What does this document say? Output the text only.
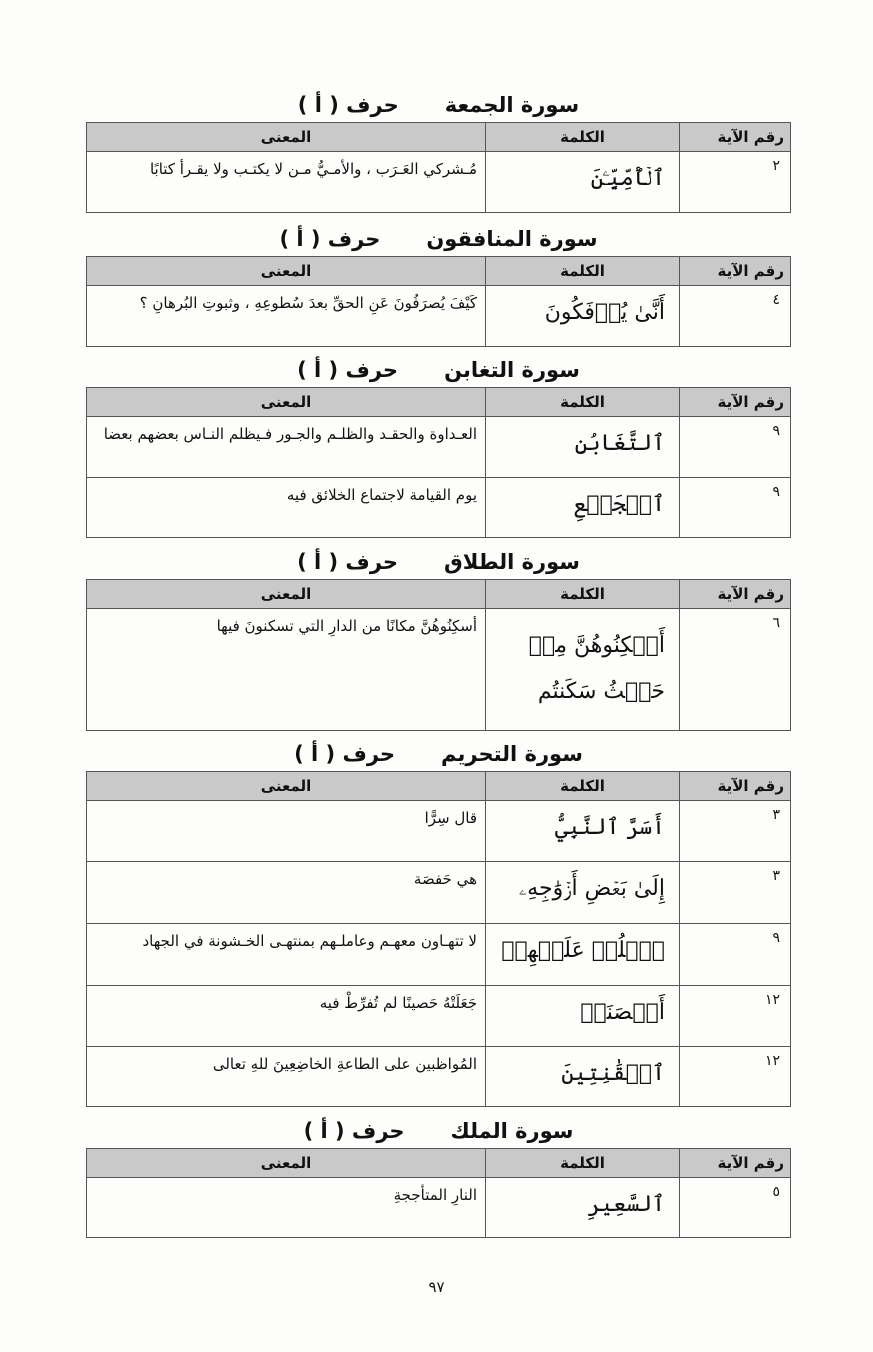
سورة الجمعة
حرف ( أ )
رقم الآية	الكلمة	المعنى
٢	ٱلۡأُمِّيِّـۧنَ	مُـشركي العَـرَب ، والأمـيُّ مـن لا يكتـب ولا يقـرأ كتابًا
سورة المنافقون
حرف ( أ )
رقم الآية	الكلمة	المعنى
٤	أَنَّىٰ يُؤۡفَكُونَ	كَيْفَ يُصرَفُونَ عَنِ الحقِّ بعدَ سُطوعِهِ ، وثبوتِ البُرهانِ ؟
سورة التغابن
حرف ( أ )
رقم الآية	الكلمة	المعنى
٩	ٱلتَّغَابُنِ	العـداوة والحقـد والظلـم والجـور فـيظلم النـاس بعضهم بعضا
٩	ٱلۡجَمۡعِ	يوم القيامة لاجتماع الخلائق فيه
سورة الطلاق
حرف ( أ )
رقم الآية	الكلمة	المعنى
٦	أَسۡكِنُوهُنَّ مِنۡ حَيۡثُ سَكَنتُم	أسكِنُوهُنَّ مكانًا من الدارِ التي تسكنونَ فيها
سورة التحريم
حرف ( أ )
رقم الآية	الكلمة	المعنى
٣	أَسَرَّ ٱلنَّبِيُّ	قال سِرًّا
٣	إِلَىٰ بَعۡضِ أَزۡوَٰجِهِۦ	هي حَفصَة
٩	ٱغۡلُظۡ عَلَيۡهِمۡ	لا تتهـاون معهـم وعاملـهم بمنتهـى الخـشونة في الجهاد
١٢	أَحۡصَنَتۡ	جَعَلَتْهُ حَصينًا لم تُفرِّطْ فيه
١٢	ٱلۡقَٰنِتِينَ	المُواظبين على الطاعةِ الخاضِعِينَ للهِ تعالى
سورة الملك
حرف ( أ )
رقم الآية	الكلمة	المعنى
٥	ٱلسَّعِيرِ	النارِ المتأججةِ
٩٧
